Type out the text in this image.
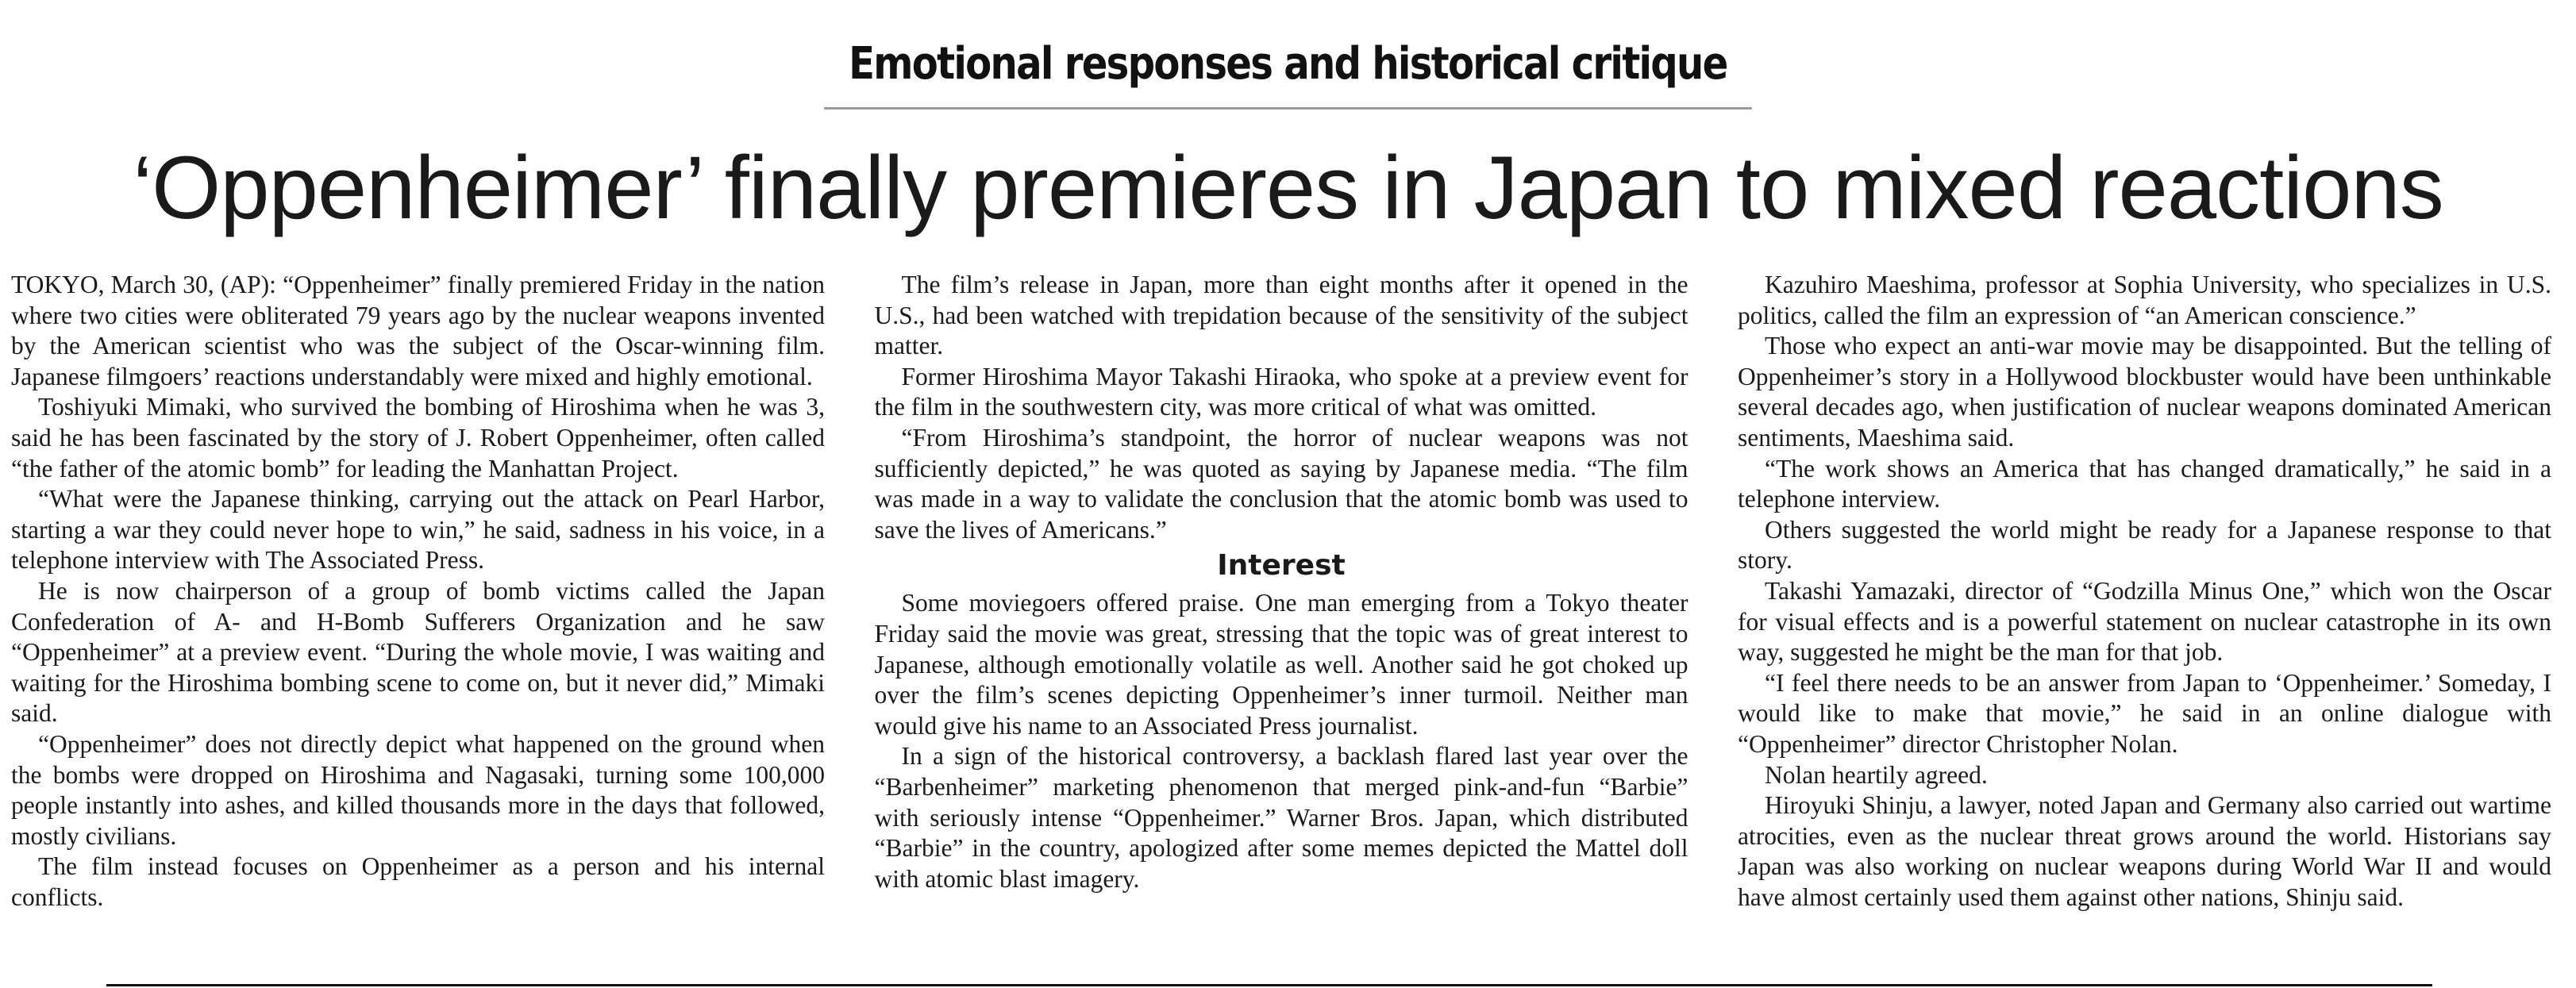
Emotional responses and historical critique
‘Oppenheimer’ finally premieres in Japan to mixed reactions

TOKYO, March 30, (AP): “Oppenheimer” finally premiered Friday in the nation where two cities were obliterated 79 years ago by the nuclear weapons invented by the American scientist who was the subject of the Oscar-winning film. Japanese filmgoers’ reactions understandably were mixed and highly emotional.

Toshiyuki Mimaki, who survived the bombing of Hiroshima when he was 3, said he has been fascinated by the story of J. Robert Oppenheimer, often called “the father of the atomic bomb” for leading the Manhattan Project.

“What were the Japanese thinking, carrying out the attack on Pearl Harbor, starting a war they could never hope to win,” he said, sadness in his voice, in a telephone interview with The Associated Press.

He is now chairperson of a group of bomb victims called the Japan Confederation of A- and H-Bomb Sufferers Organization and he saw “Oppenheimer” at a preview event. “During the whole movie, I was waiting and waiting for the Hiroshima bombing scene to come on, but it never did,” Mimaki said.

“Oppenheimer” does not directly depict what happened on the ground when the bombs were dropped on Hiroshima and Nagasaki, turning some 100,000 people instantly into ashes, and killed thousands more in the days that followed, mostly civilians.

The film instead focuses on Oppenheimer as a person and his internal conflicts.

The film’s release in Japan, more than eight months after it opened in the U.S., had been watched with trepidation because of the sensitivity of the subject matter.

Former Hiroshima Mayor Takashi Hiraoka, who spoke at a preview event for the film in the southwestern city, was more critical of what was omitted.

“From Hiroshima’s standpoint, the horror of nuclear weapons was not sufficiently depicted,” he was quoted as saying by Japanese media. “The film was made in a way to validate the conclusion that the atomic bomb was used to save the lives of Americans.”

Interest

Some moviegoers offered praise. One man emerging from a Tokyo theater Friday said the movie was great, stressing that the topic was of great interest to Japanese, although emotionally volatile as well. Another said he got choked up over the film’s scenes depicting Oppenheimer’s inner turmoil. Neither man would give his name to an Associated Press journalist.

In a sign of the historical controversy, a backlash flared last year over the “Barbenheimer” marketing phenomenon that merged pink-and-fun “Barbie” with seriously intense “Oppenheimer.” Warner Bros. Japan, which distributed “Barbie” in the country, apologized after some memes depicted the Mattel doll with atomic blast imagery.

Kazuhiro Maeshima, professor at Sophia University, who specializes in U.S. politics, called the film an expression of “an American conscience.”

Those who expect an anti-war movie may be disappointed. But the telling of Oppenheimer’s story in a Hollywood blockbuster would have been unthinkable several decades ago, when justification of nuclear weapons dominated American sentiments, Maeshima said.

“The work shows an America that has changed dramatically,” he said in a telephone interview.

Others suggested the world might be ready for a Japanese response to that story.

Takashi Yamazaki, director of “Godzilla Minus One,” which won the Oscar for visual effects and is a powerful statement on nuclear catastrophe in its own way, suggested he might be the man for that job.

“I feel there needs to be an answer from Japan to ‘Oppenheimer.’ Someday, I would like to make that movie,” he said in an online dialogue with “Oppenheimer” director Christopher Nolan.

Nolan heartily agreed.

Hiroyuki Shinju, a lawyer, noted Japan and Germany also carried out wartime atrocities, even as the nuclear threat grows around the world. Historians say Japan was also working on nuclear weapons during World War II and would have almost certainly used them against other nations, Shinju said.
